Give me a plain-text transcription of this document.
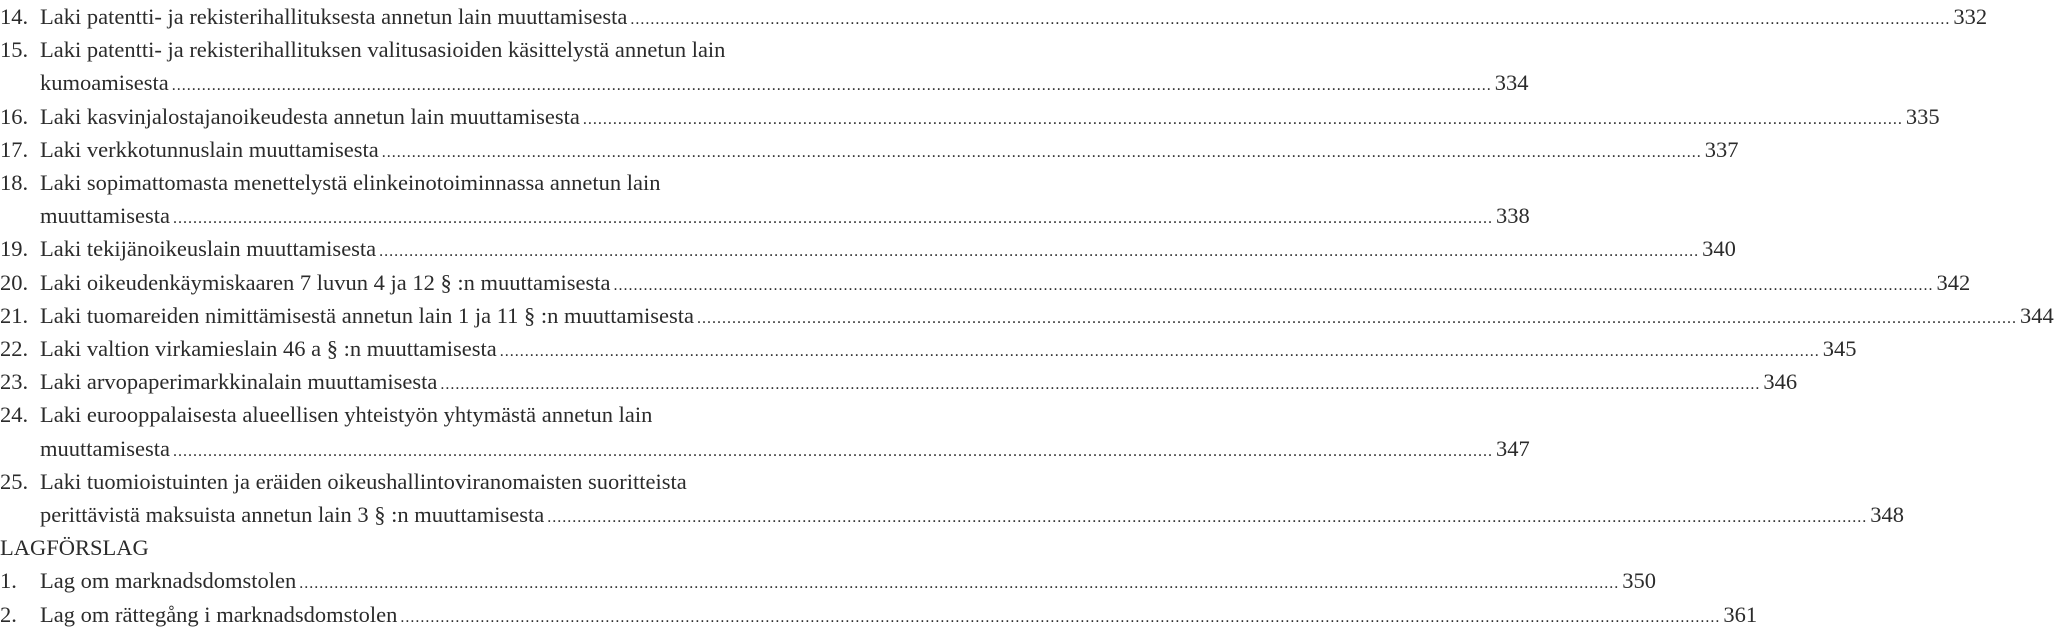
14. Laki patentti- ja rekisterihallituksesta annetun lain muuttamisesta .....	332
15. Laki patentti- ja rekisterihallituksen valitusasioiden käsittelystä annetun lain
kumoamisesta .....	334
16. Laki kasvinjalostajanoikeudesta annetun lain muuttamisesta .....	335
17. Laki verkkotunnuslain muuttamisesta .....	337
18. Laki sopimattomasta menettelystä elinkeinotoiminnassa annetun lain
muuttamisesta .....	338
19. Laki tekijänoikeuslain muuttamisesta .....	340
20. Laki oikeudenkäymiskaaren 7 luvun 4 ja 12 § :n muuttamisesta .....	342
21. Laki tuomareiden nimittämisestä annetun lain 1 ja 11 § :n muuttamisesta .....	344
22. Laki valtion virkamieslain 46 a § :n muuttamisesta .....	345
23. Laki arvopaperimarkkinalain muuttamisesta .....	346
24. Laki eurooppalaisesta alueellisen yhteistyön yhtymästä annetun lain
muuttamisesta .....	347
25. Laki tuomioistuinten ja eräiden oikeushallintoviranomaisten suoritteista
perittävistä maksuista annetun lain 3 § :n muuttamisesta .....	348
LAGFÖRSLAG
1.	Lag om marknadsdomstolen .....	350
2.	Lag om rättegång i marknadsdomstolen .....	361
